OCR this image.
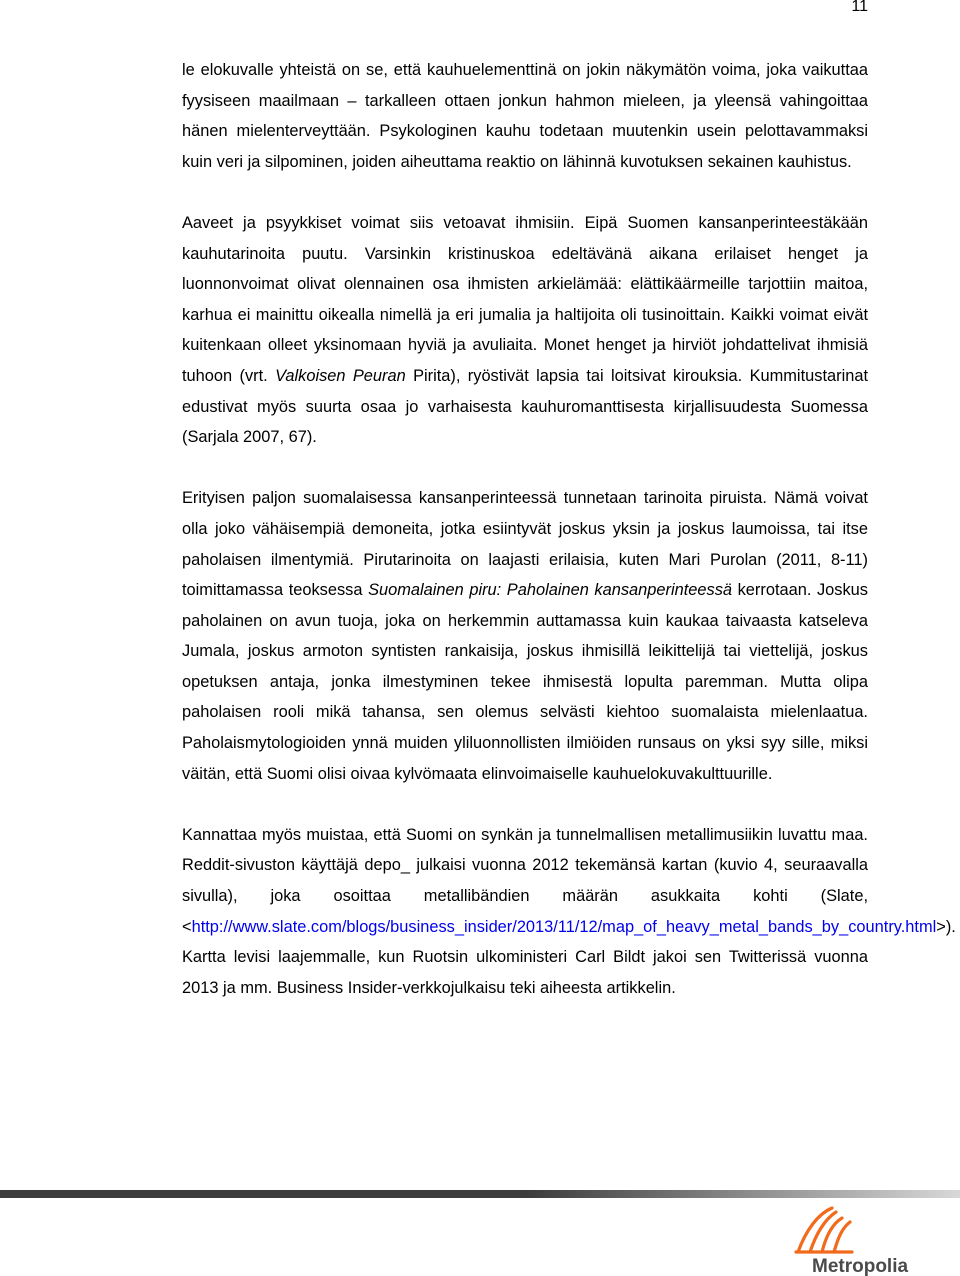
11

le elokuvalle yhteistä on se, että kauhuelementtinä on jokin näkymätön voima, joka vaikuttaa fyysiseen maailmaan – tarkalleen ottaen jonkun hahmon mieleen, ja yleensä vahingoittaa hänen mielenterveyttään. Psykologinen kauhu todetaan muutenkin usein pelottavammaksi kuin veri ja silpominen, joiden aiheuttama reaktio on lähinnä kuvotuksen sekainen kauhistus.

Aaveet ja psyykkiset voimat siis vetoavat ihmisiin. Eipä Suomen kansanperinteestäkään kauhutarinoita puutu. Varsinkin kristinuskoa edeltävänä aikana erilaiset henget ja luonnonvoimat olivat olennainen osa ihmisten arkielämää: elättikäärmeille tarjottiin maitoa, karhua ei mainittu oikealla nimellä ja eri jumalia ja haltijoita oli tusinoittain. Kaikki voimat eivät kuitenkaan olleet yksinomaan hyviä ja avuliaita. Monet henget ja hirviöt johdattelivat ihmisiä tuhoon (vrt. Valkoisen Peuran Pirita), ryöstivät lapsia tai loitsivat kirouksia. Kummitustarinat edustivat myös suurta osaa jo varhaisesta kauhuromanttisesta kirjallisuudesta Suomessa (Sarjala 2007, 67).

Erityisen paljon suomalaisessa kansanperinteessä tunnetaan tarinoita piruista. Nämä voivat olla joko vähäisempiä demoneita, jotka esiintyvät joskus yksin ja joskus laumoissa, tai itse paholaisen ilmentymiä. Pirutarinoita on laajasti erilaisia, kuten Mari Purolan (2011, 8-11) toimittamassa teoksessa Suomalainen piru: Paholainen kansanperinteessä kerrotaan. Joskus paholainen on avun tuoja, joka on herkemmin auttamassa kuin kaukaa taivaasta katseleva Jumala, joskus armoton syntisten rankaisija, joskus ihmisillä leikittelijä tai viettelijä, joskus opetuksen antaja, jonka ilmestyminen tekee ihmisestä lopulta paremman. Mutta olipa paholaisen rooli mikä tahansa, sen olemus selvästi kiehtoo suomalaista mielenlaatua. Paholaismytologioiden ynnä muiden yliluonnollisten ilmiöiden runsaus on yksi syy sille, miksi väitän, että Suomi olisi oivaa kylvömaata elinvoimaiselle kauhuelokuvakulttuurille.

Kannattaa myös muistaa, että Suomi on synkän ja tunnelmallisen metallimusiikin luvattu maa. Reddit-sivuston käyttäjä depo_ julkaisi vuonna 2012 tekemänsä kartan (kuvio 4, seuraavalla sivulla), joka osoittaa metallibändien määrän asukkaita kohti (Slate, <http://www.slate.com/blogs/business_insider/2013/11/12/map_of_heavy_metal_bands_by_country.html>). Kartta levisi laajemmalle, kun Ruotsin ulkoministeri Carl Bildt jakoi sen Twitterissä vuonna 2013 ja mm. Business Insider-verkkojulkaisu teki aiheesta artikkelin.

Metropolia
